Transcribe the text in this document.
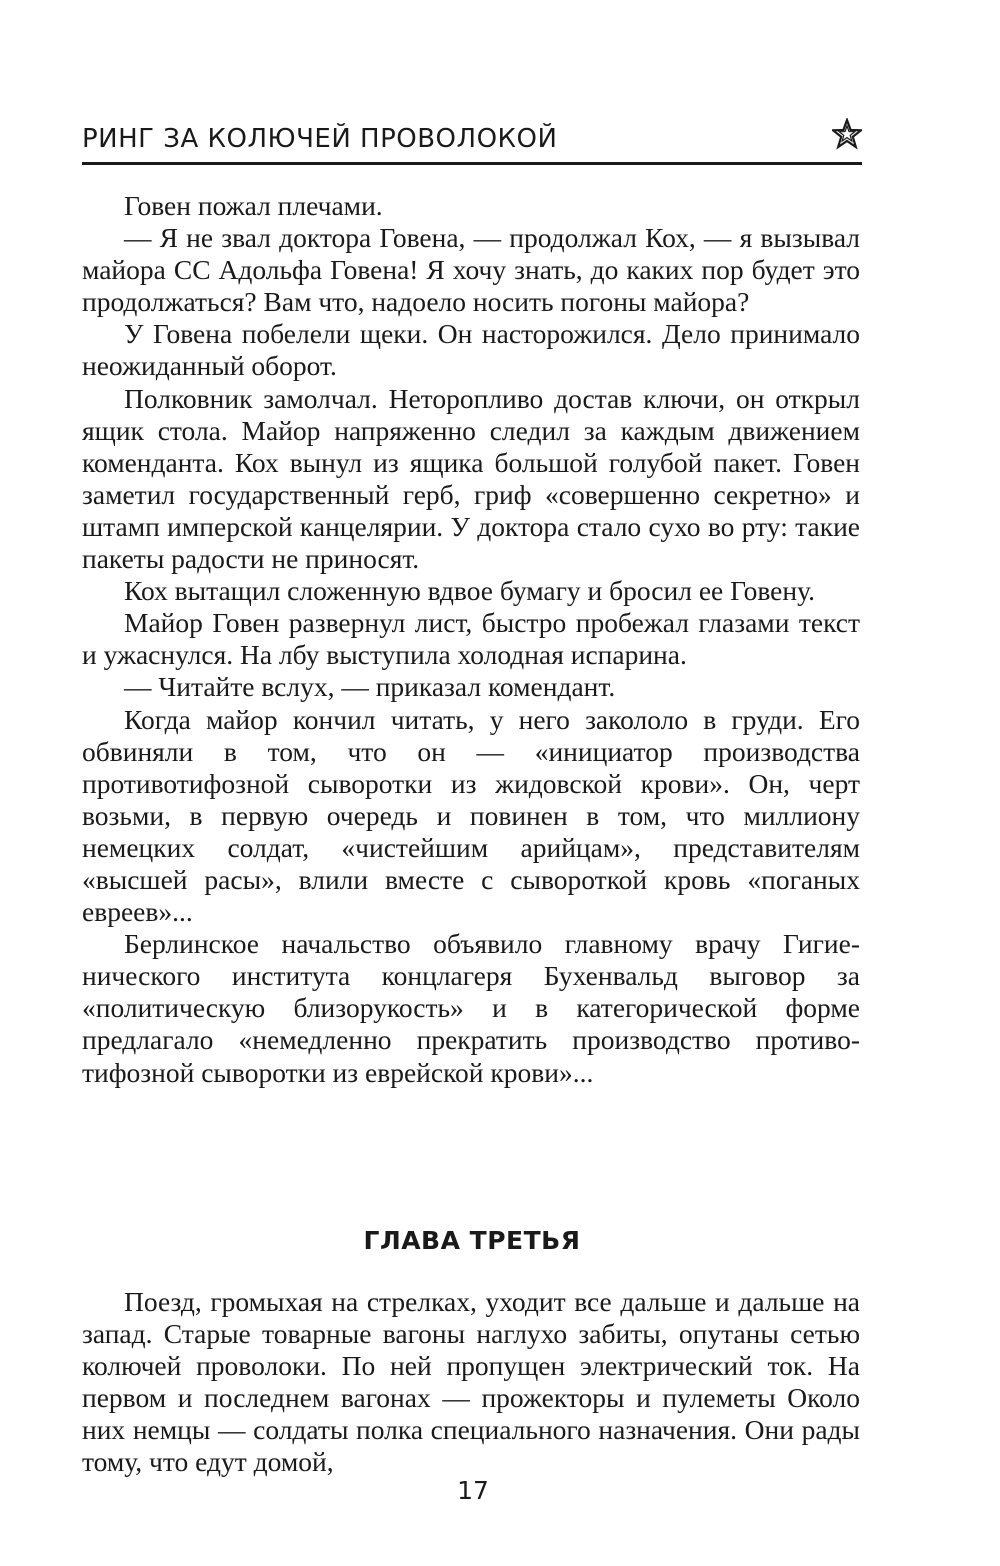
РИНГ ЗА КОЛЮЧЕЙ ПРОВОЛОКОЙ

Говен пожал плечами.

— Я не звал доктора Говена, — продолжал Кох, — я вызывал майора СС Адольфа Говена! Я хочу знать, до каких пор будет это продолжаться? Вам что, надоело носить погоны майора?

У Говена побелели щеки. Он насторожился. Дело принимало неожиданный оборот.

Полковник замолчал. Неторопливо достав ключи, он открыл ящик стола. Майор напряженно следил за каждым движением коменданта. Кох вынул из ящика большой голубой пакет. Говен заметил государственный герб, гриф «совершенно секретно» и штамп имперской канцелярии. У доктора стало сухо во рту: такие пакеты радости не приносят.

Кох вытащил сложенную вдвое бумагу и бросил ее Говену.

Майор Говен развернул лист, быстро пробежал глазами текст и ужаснулся. На лбу выступила холодная испарина.

— Читайте вслух, — приказал комендант.

Когда майор кончил читать, у него закололо в груди. Его обвиняли в том, что он — «инициатор производства противотифозной сыворотки из жидовской крови». Он, черт возьми, в первую очередь и повинен в том, что миллиону немецких солдат, «чистейшим арийцам», представителям «высшей расы», влили вместе с сывороткой кровь «поганых евреев»...

Берлинское начальство объявило главному врачу Гигиенического института концлагеря Бухенвальд выговор за «политическую близорукость» и в категорической форме предлагало «немедленно прекратить производство противотифозной сыворотки из еврейской крови»...

ГЛАВА ТРЕТЬЯ

Поезд, громыхая на стрелках, уходит все дальше и дальше на запад. Старые товарные вагоны наглухо забиты, опутаны сетью колючей проволоки. По ней пропущен электрический ток. На первом и последнем вагонах — прожекторы и пулеметы Около них немцы — солдаты полка специального назначения. Они рады тому, что едут домой,

17
